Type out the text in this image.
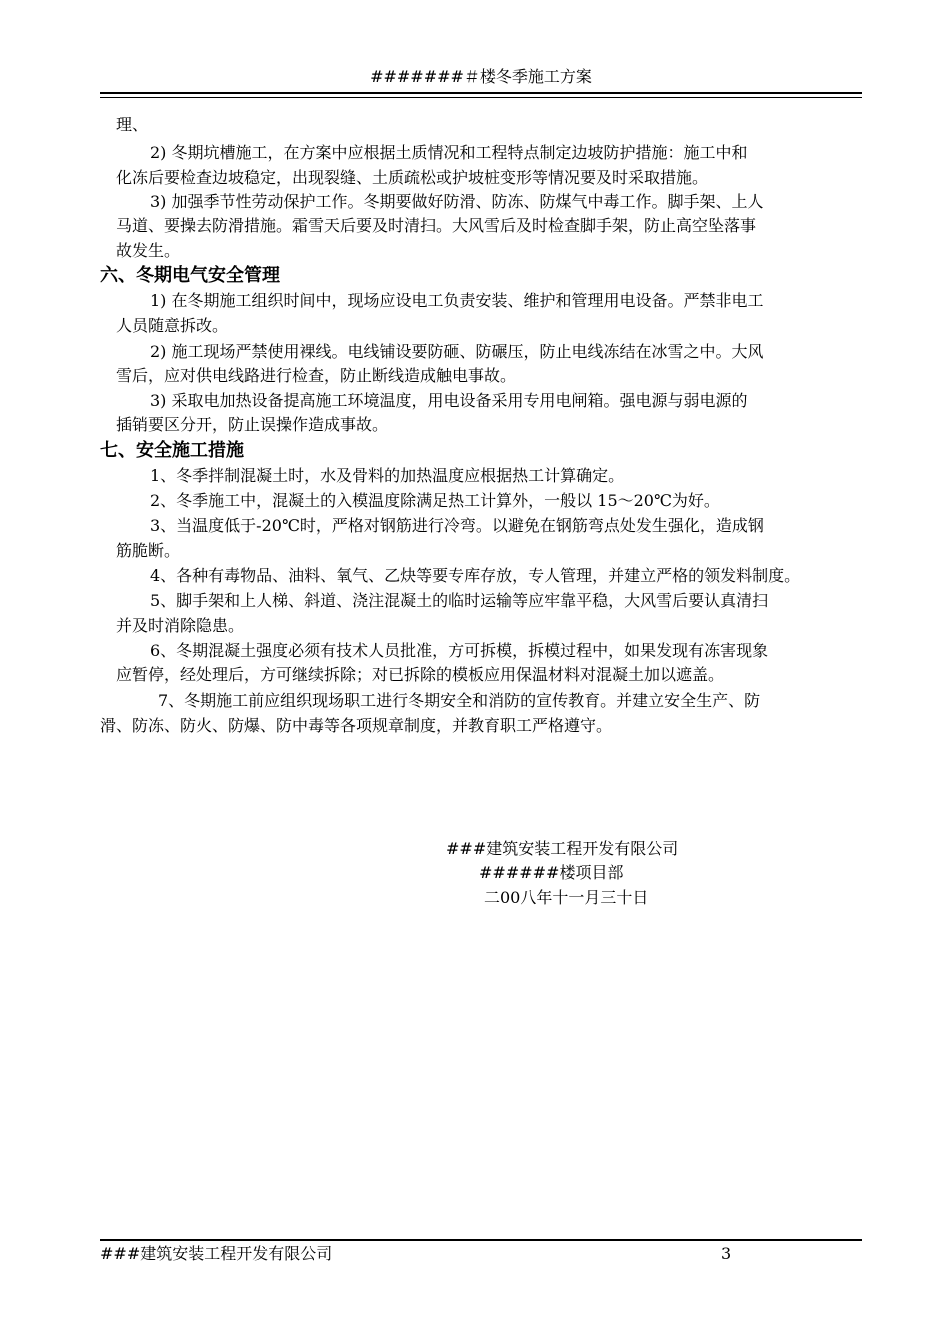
#######＃楼冬季施工方案
理、
2) 冬期坑槽施工，在方案中应根据土质情况和工程特点制定边坡防护措施：施工中和
化冻后要检查边坡稳定，出现裂缝、土质疏松或护坡桩变形等情况要及时采取措施。
3) 加强季节性劳动保护工作。冬期要做好防滑、防冻、防煤气中毒工作。脚手架、上人
马道、要操去防滑措施。霜雪天后要及时清扫。大风雪后及时检查脚手架，防止高空坠落事
故发生。
六、冬期电气安全管理
1) 在冬期施工组织时间中，现场应设电工负责安装、维护和管理用电设备。严禁非电工
人员随意拆改。
2) 施工现场严禁使用裸线。电线铺设要防砸、防碾压，防止电线冻结在冰雪之中。大风
雪后，应对供电线路进行检查，防止断线造成触电事故。
3) 采取电加热设备提高施工环境温度，用电设备采用专用电闸箱。强电源与弱电源的
插销要区分开，防止误操作造成事故。
七、安全施工措施
1、冬季拌制混凝土时，水及骨料的加热温度应根据热工计算确定。
2、冬季施工中，混凝土的入模温度除满足热工计算外，一般以 15～20℃为好。
3、当温度低于-20℃时，严格对钢筋进行冷弯。以避免在钢筋弯点处发生强化，造成钢
筋脆断。
4、各种有毒物品、油料、氧气、乙炔等要专库存放，专人管理，并建立严格的领发料制度。
5、脚手架和上人梯、斜道、浇注混凝土的临时运输等应牢靠平稳，大风雪后要认真清扫
并及时消除隐患。
6、冬期混凝土强度必须有技术人员批准，方可拆模，拆模过程中，如果发现有冻害现象
应暂停，经处理后，方可继续拆除；对已拆除的模板应用保温材料对混凝土加以遮盖。
7、冬期施工前应组织现场职工进行冬期安全和消防的宣传教育。并建立安全生产、防
滑、防冻、防火、防爆、防中毒等各项规章制度，并教育职工严格遵守。
###建筑安装工程开发有限公司
######楼项目部
二00八年十一月三十日
###建筑安装工程开发有限公司	3
